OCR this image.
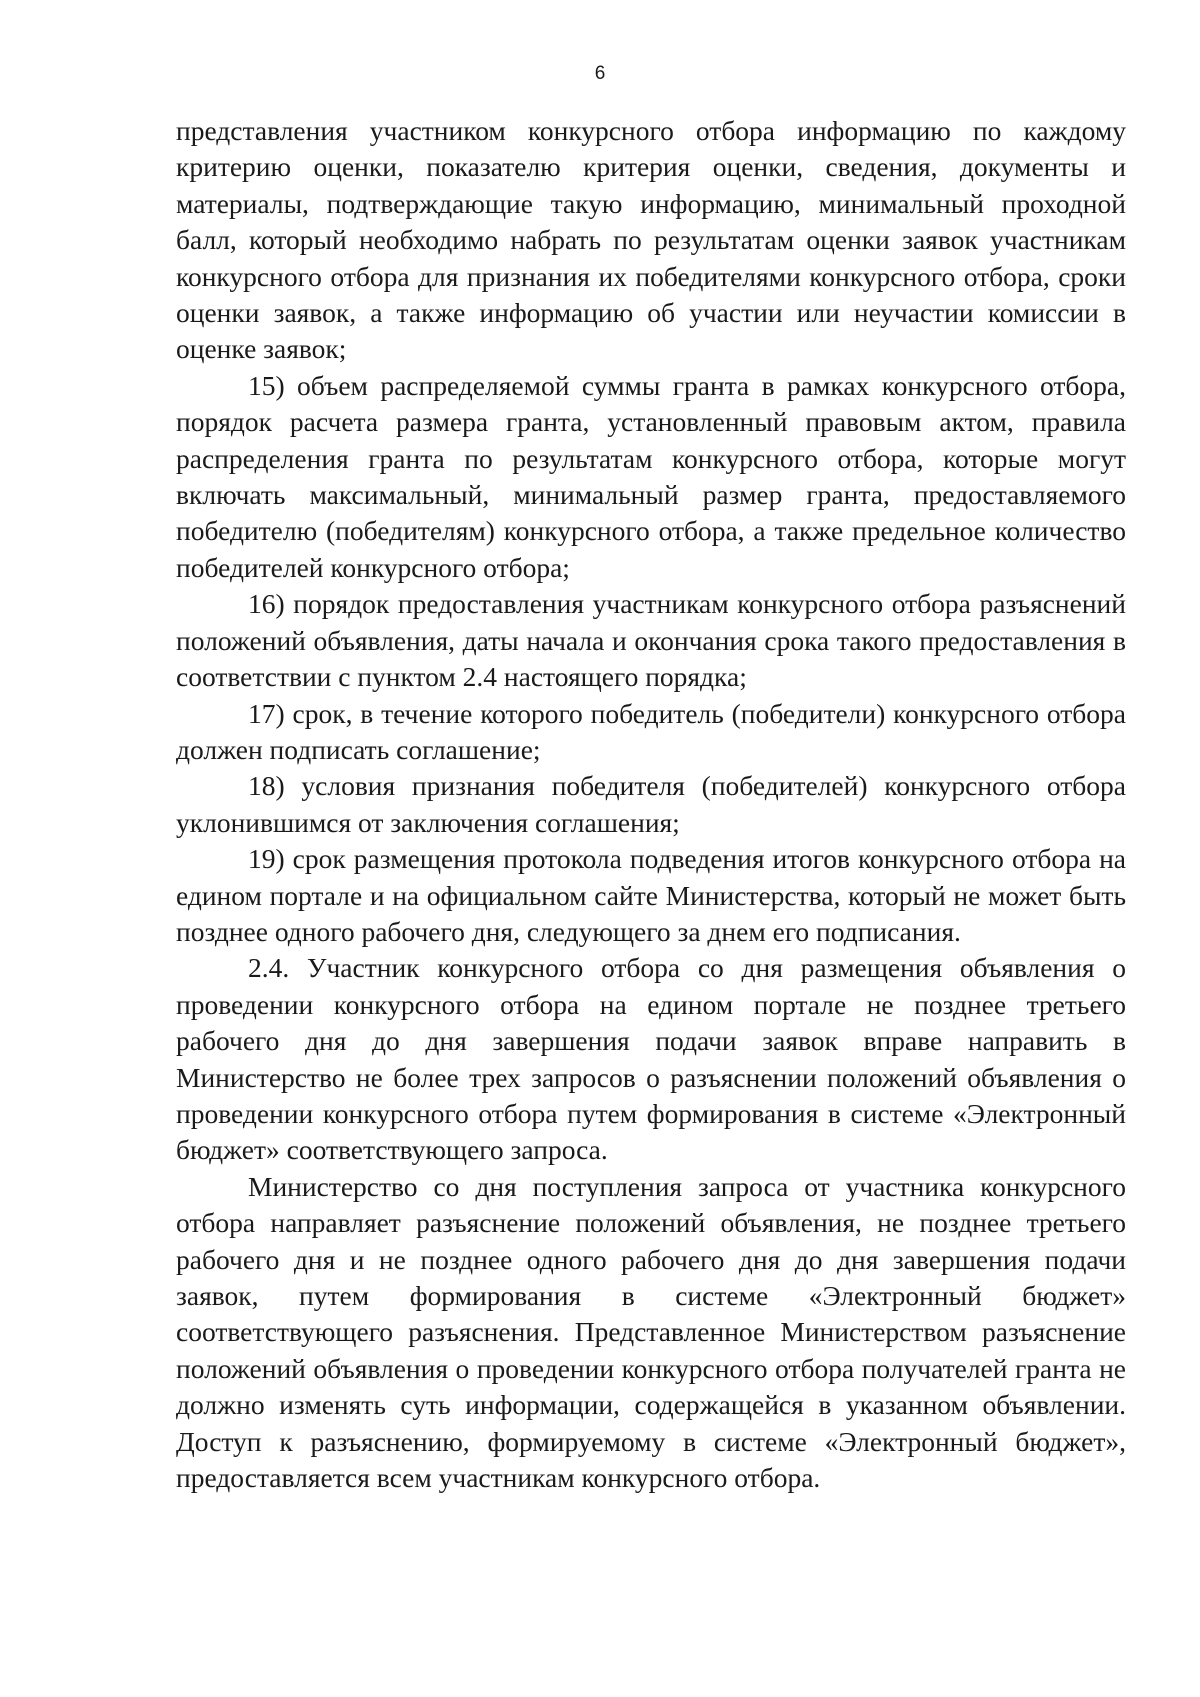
6

представления участником конкурсного отбора информацию по каждому критерию оценки, показателю критерия оценки, сведения, документы и материалы, подтверждающие такую информацию, минимальный проходной балл, который необходимо набрать по результатам оценки заявок участникам конкурсного отбора для признания их победителями конкурсного отбора, сроки оценки заявок, а также информацию об участии или неучастии комиссии в оценке заявок;

15) объем распределяемой суммы гранта в рамках конкурсного отбора, порядок расчета размера гранта, установленный правовым актом, правила распределения гранта по результатам конкурсного отбора, которые могут включать максимальный, минимальный размер гранта, предоставляемого победителю (победителям) конкурсного отбора, а также предельное количество победителей конкурсного отбора;

16) порядок предоставления участникам конкурсного отбора разъяснений положений объявления, даты начала и окончания срока такого предоставления в соответствии с пунктом 2.4 настоящего порядка;

17) срок, в течение которого победитель (победители) конкурсного отбора должен подписать соглашение;

18) условия признания победителя (победителей) конкурсного отбора уклонившимся от заключения соглашения;

19) срок размещения протокола подведения итогов конкурсного отбора на едином портале и на официальном сайте Министерства, который не может быть позднее одного рабочего дня, следующего за днем его подписания.

2.4. Участник конкурсного отбора со дня размещения объявления о проведении конкурсного отбора на едином портале не позднее третьего рабочего дня до дня завершения подачи заявок вправе направить в Министерство не более трех запросов о разъяснении положений объявления о проведении конкурсного отбора путем формирования в системе «Электронный бюджет» соответствующего запроса.

Министерство со дня поступления запроса от участника конкурсного отбора направляет разъяснение положений объявления, не позднее третьего рабочего дня и не позднее одного рабочего дня до дня завершения подачи заявок, путем формирования в системе «Электронный бюджет» соответствующего разъяснения. Представленное Министерством разъяснение положений объявления о проведении конкурсного отбора получателей гранта не должно изменять суть информации, содержащейся в указанном объявлении. Доступ к разъяснению, формируемому в системе «Электронный бюджет», предоставляется всем участникам конкурсного отбора.
